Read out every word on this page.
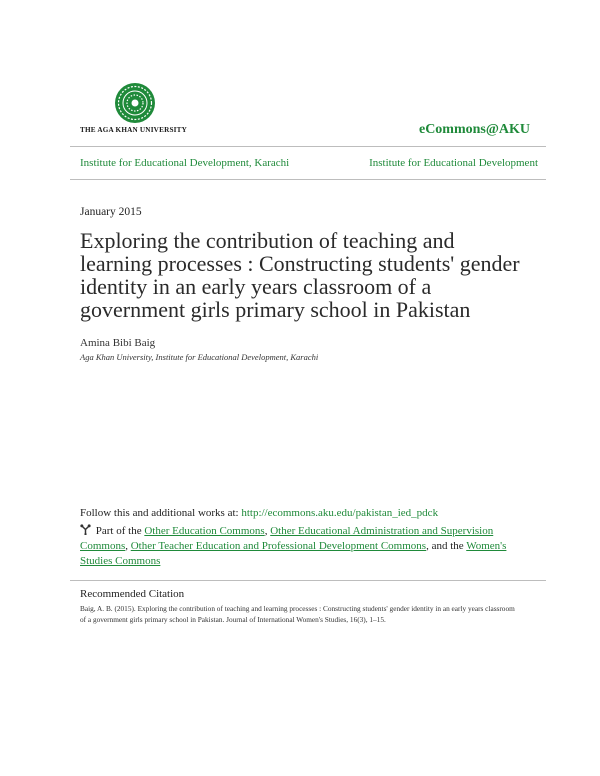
THE AGA KHAN UNIVERSITY	eCommons@AKU
Institute for Educational Development, Karachi	Institute for Educational Development
January 2015
Exploring the contribution of teaching and learning processes : Constructing students' gender identity in an early years classroom of a government girls primary school in Pakistan
Amina Bibi Baig
Aga Khan University, Institute for Educational Development, Karachi
Follow this and additional works at: http://ecommons.aku.edu/pakistan_ied_pdck
Part of the Other Education Commons, Other Educational Administration and Supervision Commons, Other Teacher Education and Professional Development Commons, and the Women's Studies Commons
Recommended Citation
Baig, A. B. (2015). Exploring the contribution of teaching and learning processes : Constructing students' gender identity in an early years classroom of a government girls primary school in Pakistan. Journal of International Women's Studies, 16(3), 1–15.
